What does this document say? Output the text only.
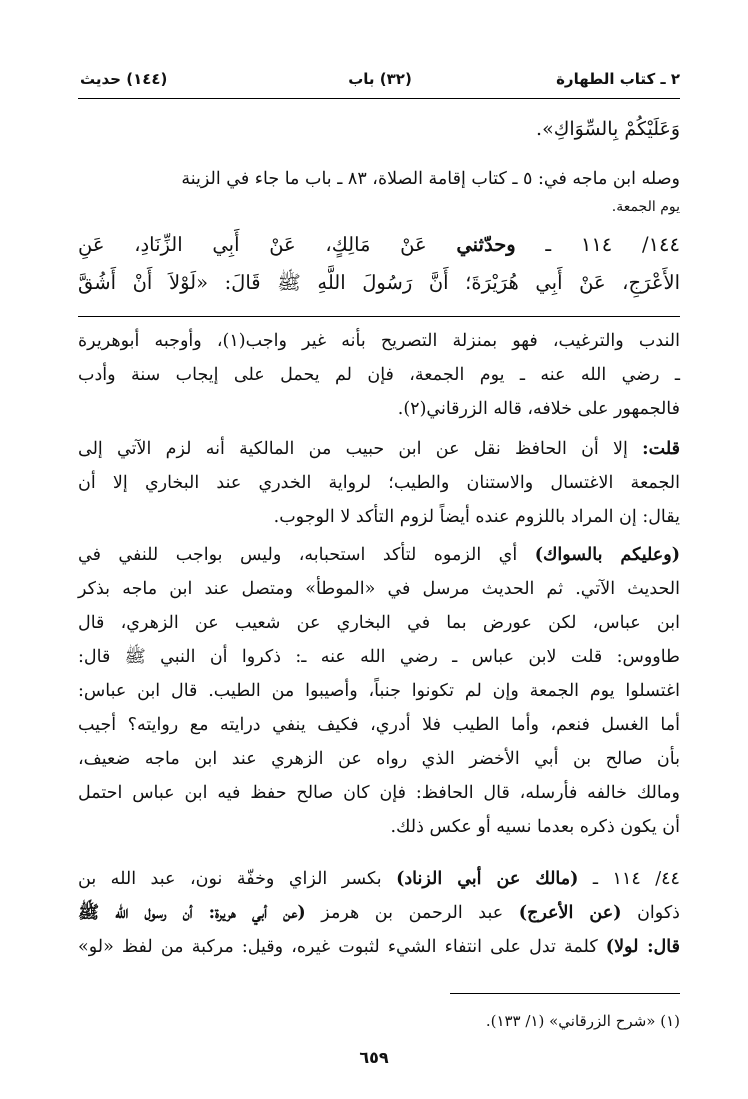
٢ ـ كتاب الطهارة
(٣٢) باب
(١٤٤) حديث
وَعَلَيْكُمْ بِالسِّوَاكِ».

وصله ابن ماجه في: ٥ ـ كتاب إقامة الصلاة، ٨٣ ـ باب ما جاء في الزينة

يوم الجمعة.

١٤٤/ ١١٤ ـ وحدّثني عَنْ مَالِكٍ، عَنْ أَبِي الزِّنَادِ، عَنِ

الأَعْرَجِ، عَنْ أَبِي هُرَيْرَةَ؛ أَنَّ رَسُولَ اللَّهِ ﷺ قَالَ: «لَوْلاَ أَنْ أَشُقَّ

الندب والترغيب، فهو بمنزلة التصريح بأنه غير واجب(١)، وأوجبه أبوهريرة

ـ رضي الله عنه ـ يوم الجمعة، فإن لم يحمل على إيجاب سنة وأدب

فالجمهور على خلافه، قاله الزرقاني(٢).

قلت: إلا أن الحافظ نقل عن ابن حبيب من المالكية أنه لزم الآتي إلى

الجمعة الاغتسال والاستنان والطيب؛ لرواية الخدري عند البخاري إلا أن

يقال: إن المراد باللزوم عنده أيضاً لزوم التأكد لا الوجوب.

(وعليكم بالسواك) أي الزموه لتأكد استحبابه، وليس بواجب للنفي في

الحديث الآتي. ثم الحديث مرسل في «الموطأ» ومتصل عند ابن ماجه بذكر

ابن عباس، لكن عورض بما في البخاري عن شعيب عن الزهري، قال

طاووس: قلت لابن عباس ـ رضي الله عنه ـ: ذكروا أن النبي ﷺ قال:

اغتسلوا يوم الجمعة وإن لم تكونوا جنباً، وأصيبوا من الطيب. قال ابن عباس:

أما الغسل فنعم، وأما الطيب فلا أدري، فكيف ينفي درايته مع روايته؟ أجيب

بأن صالح بن أبي الأخضر الذي رواه عن الزهري عند ابن ماجه ضعيف،

ومالك خالفه فأرسله، قال الحافظ: فإن كان صالح حفظ فيه ابن عباس احتمل

أن يكون ذكره بعدما نسيه أو عكس ذلك.

٤٤/ ١١٤ ـ (مالك عن أبي الزناد) بكسر الزاي وخفّة نون، عبد الله بن

ذكوان (عن الأعرج) عبد الرحمن بن هرمز (عن أبي هريرة: أن رسول الله ﷺ

قال: لولا) كلمة تدل على انتفاء الشيء لثبوت غيره، وقيل: مركبة من لفظ «لو»

(١) «شرح الزرقاني» (١/ ١٣٣).
٦٥٩
